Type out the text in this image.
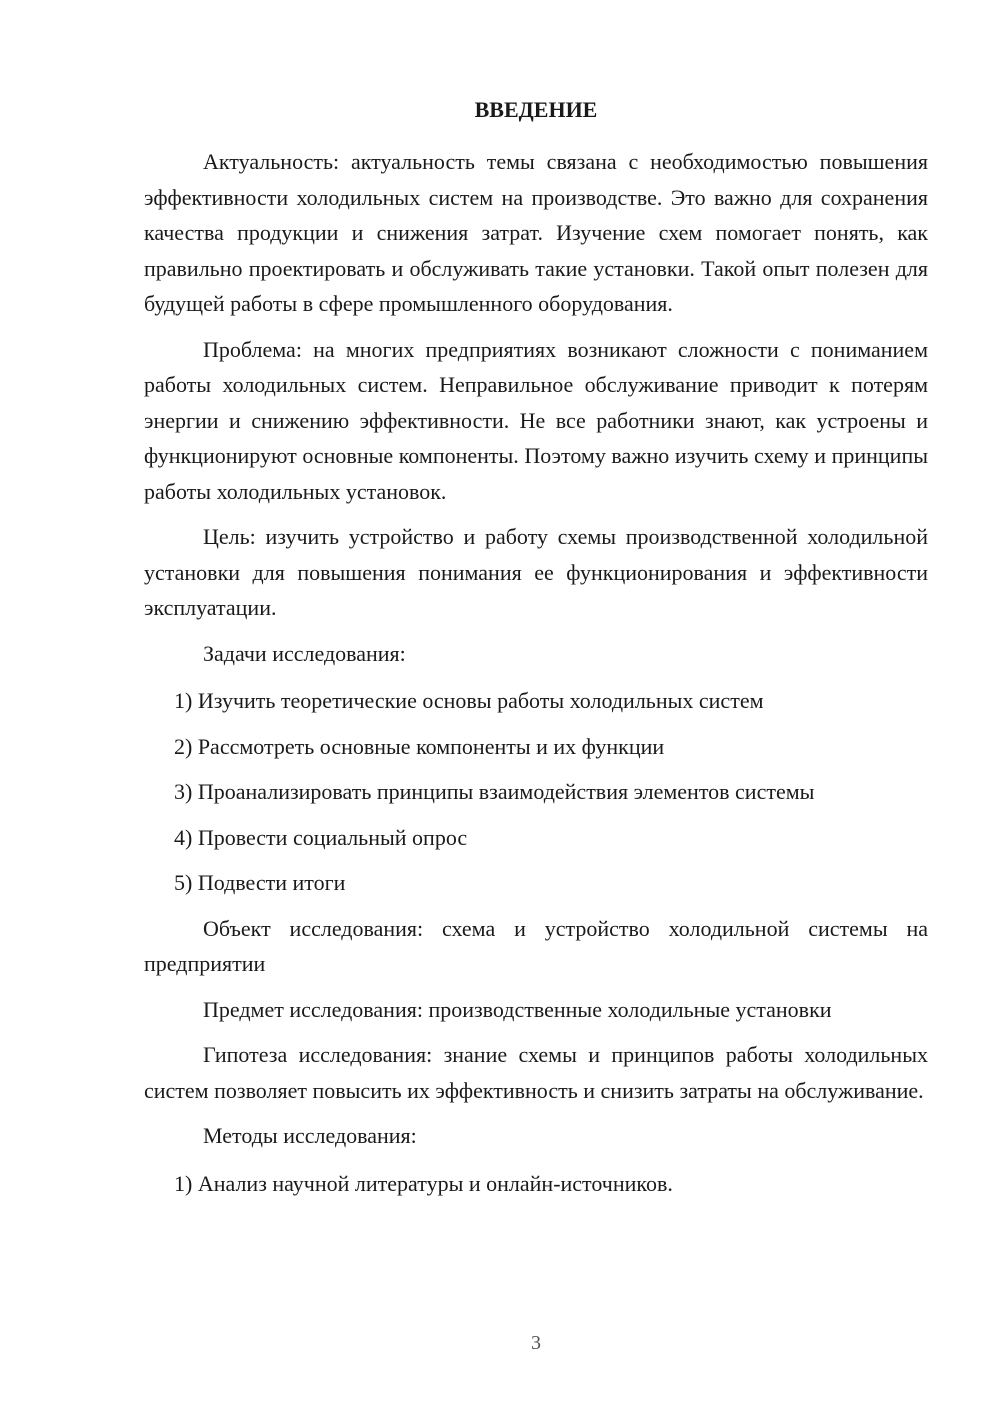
ВВЕДЕНИЕ

Актуальность: актуальность темы связана с необходимостью повышения эффективности холодильных систем на производстве. Это важно для сохранения качества продукции и снижения затрат. Изучение схем помогает понять, как правильно проектировать и обслуживать такие установки. Такой опыт полезен для будущей работы в сфере промышленного оборудования.

Проблема: на многих предприятиях возникают сложности с пониманием работы холодильных систем. Неправильное обслуживание приводит к потерям энергии и снижению эффективности. Не все работники знают, как устроены и функционируют основные компоненты. Поэтому важно изучить схему и принципы работы холодильных установок.

Цель: изучить устройство и работу схемы производственной холодильной установки для повышения понимания ее функционирования и эффективности эксплуатации.

Задачи исследования:

1) Изучить теоретические основы работы холодильных систем
2) Рассмотреть основные компоненты и их функции
3) Проанализировать принципы взаимодействия элементов системы
4) Провести социальный опрос
5) Подвести итоги

Объект исследования: схема и устройство холодильной системы на предприятии

Предмет исследования: производственные холодильные установки

Гипотеза исследования: знание схемы и принципов работы холодильных систем позволяет повысить их эффективность и снизить затраты на обслуживание.

Методы исследования:

1) Анализ научной литературы и онлайн-источников.
3
